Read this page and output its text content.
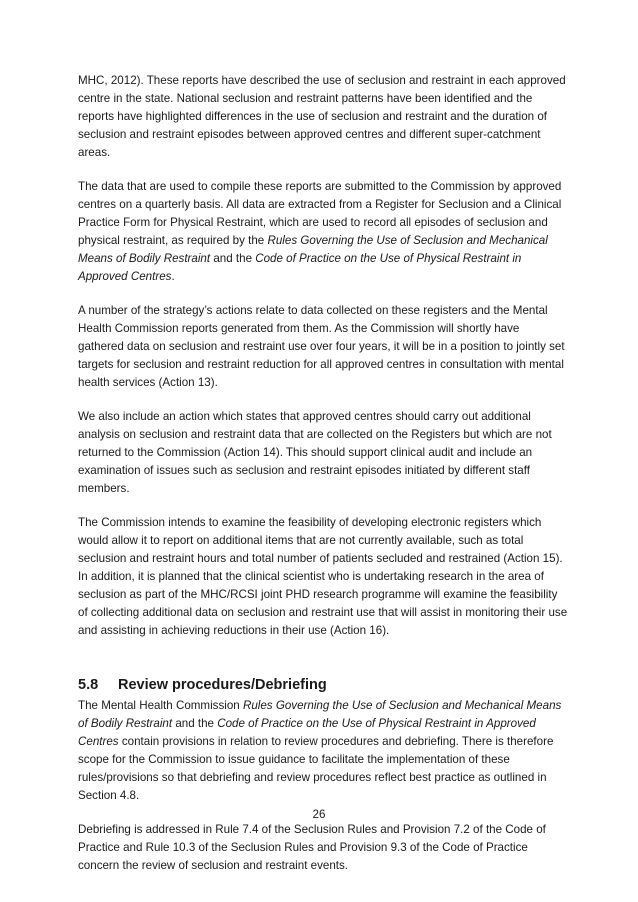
MHC, 2012). These reports have described the use of seclusion and restraint in each approved centre in the state. National seclusion and restraint patterns have been identified and the reports have highlighted differences in the use of seclusion and restraint and the duration of seclusion and restraint episodes between approved centres and different super-catchment areas.

The data that are used to compile these reports are submitted to the Commission by approved centres on a quarterly basis. All data are extracted from a Register for Seclusion and a Clinical Practice Form for Physical Restraint, which are used to record all episodes of seclusion and physical restraint, as required by the Rules Governing the Use of Seclusion and Mechanical Means of Bodily Restraint and the Code of Practice on the Use of Physical Restraint in Approved Centres.

A number of the strategy’s actions relate to data collected on these registers and the Mental Health Commission reports generated from them. As the Commission will shortly have gathered data on seclusion and restraint use over four years, it will be in a position to jointly set targets for seclusion and restraint reduction for all approved centres in consultation with mental health services (Action 13).

We also include an action which states that approved centres should carry out additional analysis on seclusion and restraint data that are collected on the Registers but which are not returned to the Commission (Action 14). This should support clinical audit and include an examination of issues such as seclusion and restraint episodes initiated by different staff members.

The Commission intends to examine the feasibility of developing electronic registers which would allow it to report on additional items that are not currently available, such as total seclusion and restraint hours and total number of patients secluded and restrained (Action 15). In addition, it is planned that the clinical scientist who is undertaking research in the area of seclusion as part of the MHC/RCSI joint PHD research programme will examine the feasibility of collecting additional data on seclusion and restraint use that will assist in monitoring their use and assisting in achieving reductions in their use (Action 16).

5.8	Review procedures/Debriefing

The Mental Health Commission Rules Governing the Use of Seclusion and Mechanical Means of Bodily Restraint and the Code of Practice on the Use of Physical Restraint in Approved Centres contain provisions in relation to review procedures and debriefing. There is therefore scope for the Commission to issue guidance to facilitate the implementation of these rules/provisions so that debriefing and review procedures reflect best practice as outlined in Section 4.8.

Debriefing is addressed in Rule 7.4 of the Seclusion Rules and Provision 7.2 of the Code of Practice and Rule 10.3 of the Seclusion Rules and Provision 9.3 of the Code of Practice concern the review of seclusion and restraint events.

26
